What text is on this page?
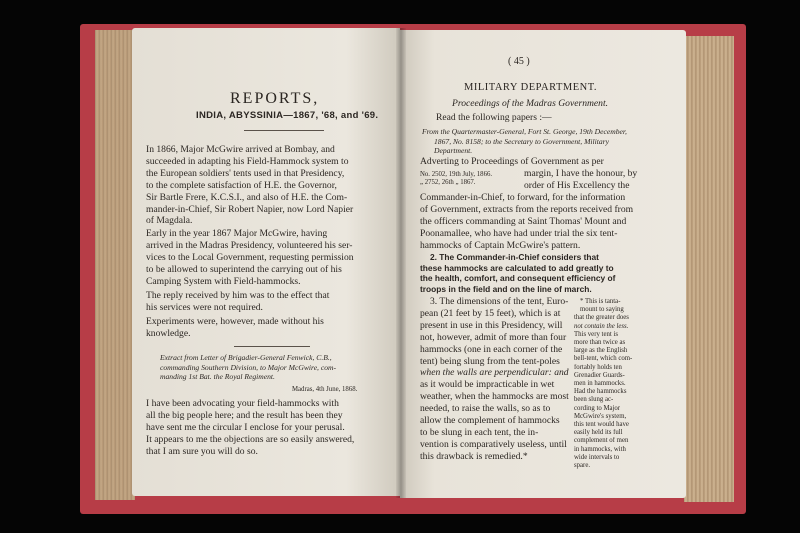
REPORTS,
INDIA, ABYSSINIA—1867, '68, and '69.
In 1866, Major McGwire arrived at Bombay, and
succeeded in adapting his Field-Hammock system to
the European soldiers' tents used in that Presidency,
to the complete satisfaction of H.E. the Governor,
Sir Bartle Frere, K.C.S.I., and also of H.E. the Com-
mander-in-Chief, Sir Robert Napier, now Lord Napier
of Magdala.
Early in the year 1867 Major McGwire, having
arrived in the Madras Presidency, volunteered his ser-
vices to the Local Government, requesting permission
to be allowed to superintend the carrying out of his
Camping System with Field-hammocks.
The reply received by him was to the effect that
his services were not required.
Experiments were, however, made without his
knowledge.
Extract from Letter of Brigadier-General Fenwick, C.B.,
commanding Southern Division, to Major McGwire, com-
manding 1st Bat. the Royal Regiment.
Madras, 4th June, 1868.
I have been advocating your field-hammocks with
all the big people here; and the result has been they
have sent me the circular I enclose for your perusal.
It appears to me the objections are so easily answered,
that I am sure you will do so.
( 45 )
MILITARY DEPARTMENT.
Proceedings of the Madras Government.
Read the following papers :—
From the Quartermaster-General, Fort St. George, 19th December,
1867, No. 8158; to the Secretary to Government, Military
Department.
Adverting to Proceedings of Government as per
No. 2502, 19th July, 1866.
„ 2752, 26th „ 1867.
margin, I have the honour, by
order of His Excellency the
Commander-in-Chief, to forward, for the information
of Government, extracts from the reports received from
the officers commanding at Saint Thomas' Mount and
Poonamallee, who have had under trial the six tent-
hammocks of Captain McGwire's pattern.
2. The Commander-in-Chief considers that
these hammocks are calculated to add greatly to
the health, comfort, and consequent efficiency of
troops in the field and on the line of march.
3. The dimensions of the tent, Euro-
pean (21 feet by 15 feet), which is at
present in use in this Presidency, will
not, however, admit of more than four
hammocks (one in each corner of the
tent) being slung from the tent-poles
when the walls are perpendicular: and
as it would be impracticable in wet
weather, when the hammocks are most
needed, to raise the walls, so as to
allow the complement of hammocks
to be slung in each tent, the in-
vention is comparatively useless, until
this drawback is remedied.*
* This is tanta-
mount to saying
that the greater does
not contain the less.
This very tent is
more than twice as
large as the English
bell-tent, which com-
fortably holds ten
Grenadier Guards-
men in hammocks.
Had the hammocks
been slung ac-
cording to Major
McGwire's system,
this tent would have
easily held its full
complement of men
in hammocks, with
wide intervals to
spare.
